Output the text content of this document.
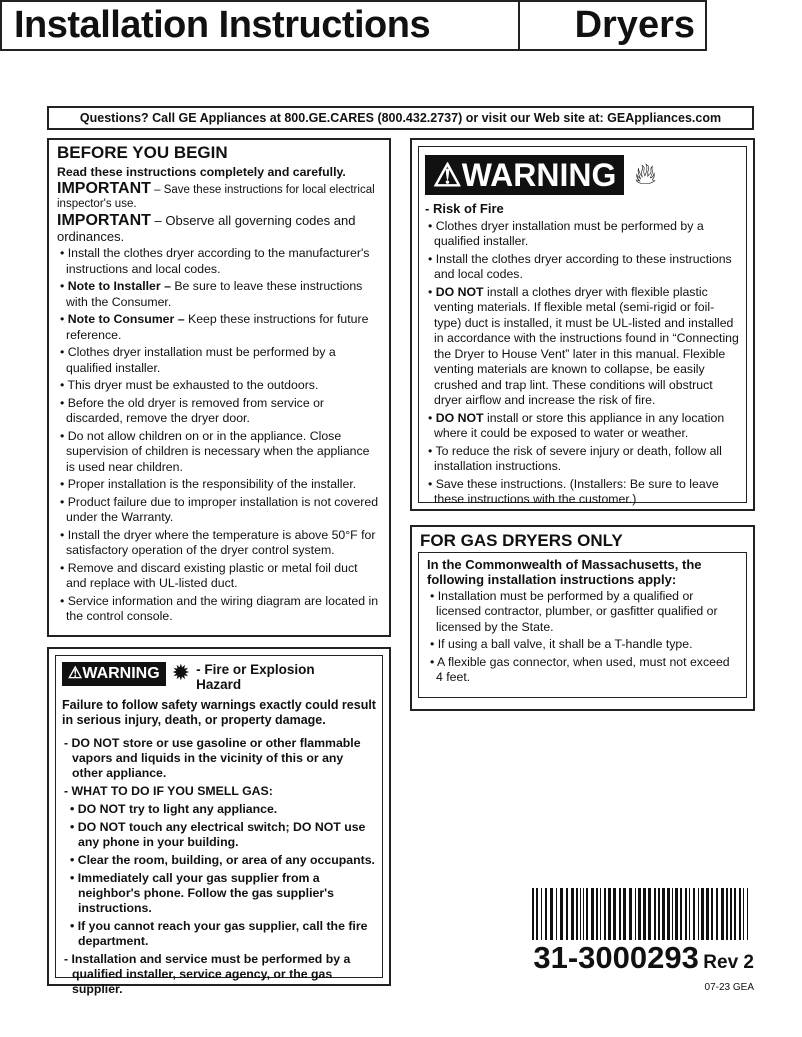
Installation Instructions	Dryers
Questions? Call GE Appliances at 800.GE.CARES (800.432.2737) or visit our Web site at: GEAppliances.com
BEFORE YOU BEGIN

Read these instructions completely and carefully.

IMPORTANT – Save these instructions for local electrical inspector's use.

IMPORTANT – Observe all governing codes and ordinances.

• Install the clothes dryer according to the manufacturer's instructions and local codes.
• Note to Installer – Be sure to leave these instructions with the Consumer.
• Note to Consumer – Keep these instructions for future reference.
• Clothes dryer installation must be performed by a qualified installer.
• This dryer must be exhausted to the outdoors.
• Before the old dryer is removed from service or discarded, remove the dryer door.
• Do not allow children on or in the appliance. Close supervision of children is necessary when the appliance is used near children.
• Proper installation is the responsibility of the installer.
• Product failure due to improper installation is not covered under the Warranty.
• Install the dryer where the temperature is above 50°F for satisfactory operation of the dryer control system.
• Remove and discard existing plastic or metal foil duct and replace with UL-listed duct.
• Service information and the wiring diagram are located in the control console.
⚠WARNING ✹ - Fire or Explosion Hazard

Failure to follow safety warnings exactly could result in serious injury, death, or property damage.

- DO NOT store or use gasoline or other flammable vapors and liquids in the vicinity of this or any other appliance.
- WHAT TO DO IF YOU SMELL GAS:
• DO NOT try to light any appliance.
• DO NOT touch any electrical switch; DO NOT use any phone in your building.
• Clear the room, building, or area of any occupants.
• Immediately call your gas supplier from a neighbor's phone. Follow the gas supplier's instructions.
• If you cannot reach your gas supplier, call the fire department.
- Installation and service must be performed by a qualified installer, service agency, or the gas supplier.
⚠WARNING 🔥︎

- Risk of Fire

• Clothes dryer installation must be performed by a qualified installer.
• Install the clothes dryer according to these instructions and local codes.
• DO NOT install a clothes dryer with flexible plastic venting materials. If flexible metal (semi-rigid or foil-type) duct is installed, it must be UL-listed and installed in accordance with the instructions found in “Connecting the Dryer to House Vent” later in this manual. Flexible venting materials are known to collapse, be easily crushed and trap lint. These conditions will obstruct dryer airflow and increase the risk of fire.
• DO NOT install or store this appliance in any location where it could be exposed to water or weather.
• To reduce the risk of severe injury or death, follow all installation instructions.
• Save these instructions. (Installers: Be sure to leave these instructions with the customer.)
FOR GAS DRYERS ONLY

In the Commonwealth of Massachusetts, the following installation instructions apply:

• Installation must be performed by a qualified or licensed contractor, plumber, or gasfitter qualified or licensed by the State.
• If using a ball valve, it shall be a T-handle type.
• A flexible gas connector, when used, must not exceed 4 feet.
31-3000293 Rev 2
07-23 GEA
